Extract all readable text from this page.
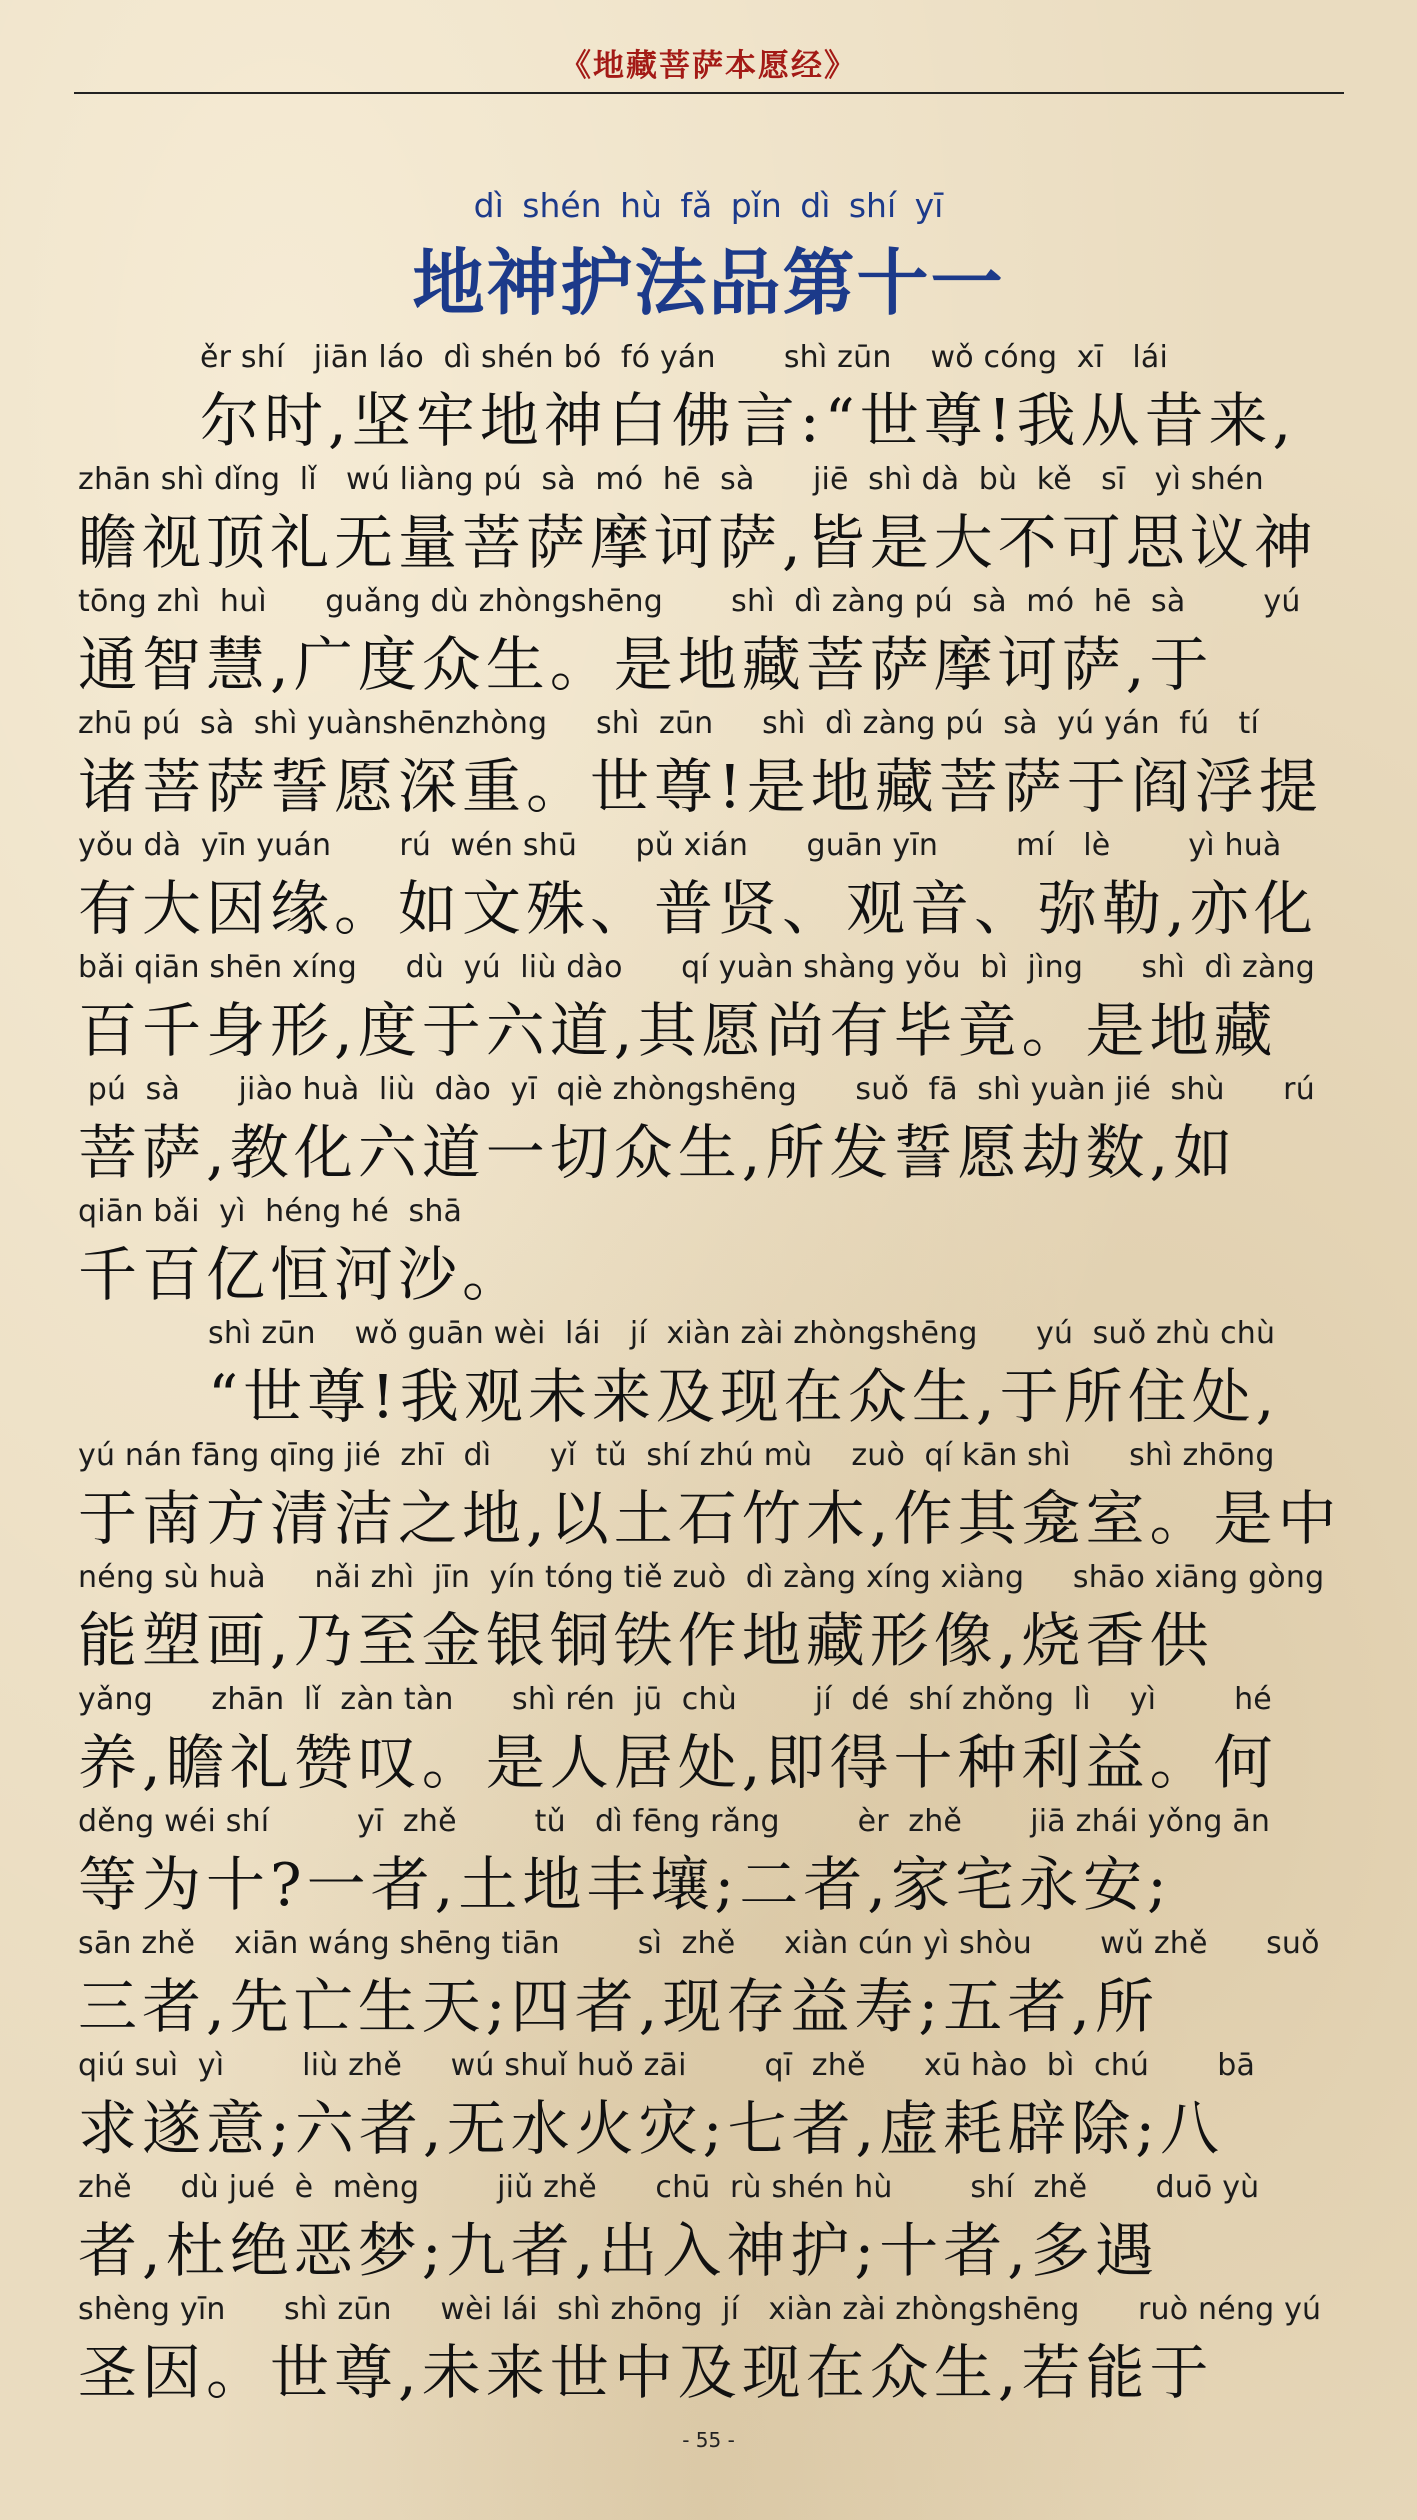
《地藏菩萨本愿经》
dì shén hù fǎ pǐn dì shí yī
地神护法品第十一
ěr shí   jiān láo  dì shén bó  fó yán       shì zūn    wǒ cóng  xī   lái
尔时,坚牢地神白佛言:“世尊!我从昔来,
zhān shì dǐng  lǐ   wú liàng pú  sà  mó  hē  sà      jiē  shì dà  bù  kě   sī   yì shén
瞻视顶礼无量菩萨摩诃萨,皆是大不可思议神
tōng zhì  huì      guǎng dù zhòngshēng       shì  dì zàng pú  sà  mó  hē  sà        yú
通智慧,广度众生。是地藏菩萨摩诃萨,于
zhū pú  sà  shì yuànshēnzhòng     shì  zūn     shì  dì zàng pú  sà  yú yán  fú   tí
诸菩萨誓愿深重。世尊!是地藏菩萨于阎浮提
yǒu dà  yīn yuán       rú  wén shū      pǔ xián      guān yīn        mí   lè        yì huà
有大因缘。如文殊、普贤、观音、弥勒,亦化
bǎi qiān shēn xíng     dù  yú  liù dào      qí yuàn shàng yǒu  bì  jìng      shì  dì zàng
百千身形,度于六道,其愿尚有毕竟。是地藏
pú  sà      jiào huà  liù  dào  yī  qiè zhòngshēng      suǒ  fā  shì yuàn jié  shù      rú
菩萨,教化六道一切众生,所发誓愿劫数,如
qiān bǎi  yì  héng hé  shā
千百亿恒河沙。
shì zūn    wǒ guān wèi  lái   jí  xiàn zài zhòngshēng      yú  suǒ zhù chù
“世尊!我观未来及现在众生,于所住处,
yú nán fāng qīng jié  zhī  dì      yǐ  tǔ  shí zhú mù    zuò  qí kān shì      shì zhōng
于南方清洁之地,以土石竹木,作其龛室。是中
néng sù huà     nǎi zhì  jīn  yín tóng tiě zuò  dì zàng xíng xiàng     shāo xiāng gòng
能塑画,乃至金银铜铁作地藏形像,烧香供
yǎng      zhān  lǐ  zàn tàn      shì rén  jū  chù        jí  dé  shí zhǒng  lì    yì        hé
养,瞻礼赞叹。是人居处,即得十种利益。何
děng wéi shí         yī  zhě        tǔ   dì fēng rǎng        èr  zhě       jiā zhái yǒng ān
等为十?一者,土地丰壤;二者,家宅永安;
sān zhě    xiān wáng shēng tiān        sì  zhě     xiàn cún yì shòu       wǔ zhě      suǒ
三者,先亡生天;四者,现存益寿;五者,所
qiú suì  yì        liù zhě     wú shuǐ huǒ zāi        qī  zhě      xū hào  bì  chú       bā
求遂意;六者,无水火灾;七者,虚耗辟除;八
zhě     dù jué  è  mèng        jiǔ zhě      chū  rù shén hù        shí  zhě       duō yù
者,杜绝恶梦;九者,出入神护;十者,多遇
shèng yīn      shì zūn     wèi lái  shì zhōng  jí   xiàn zài zhòngshēng      ruò néng yú
圣因。世尊,未来世中及现在众生,若能于
- 55 -
